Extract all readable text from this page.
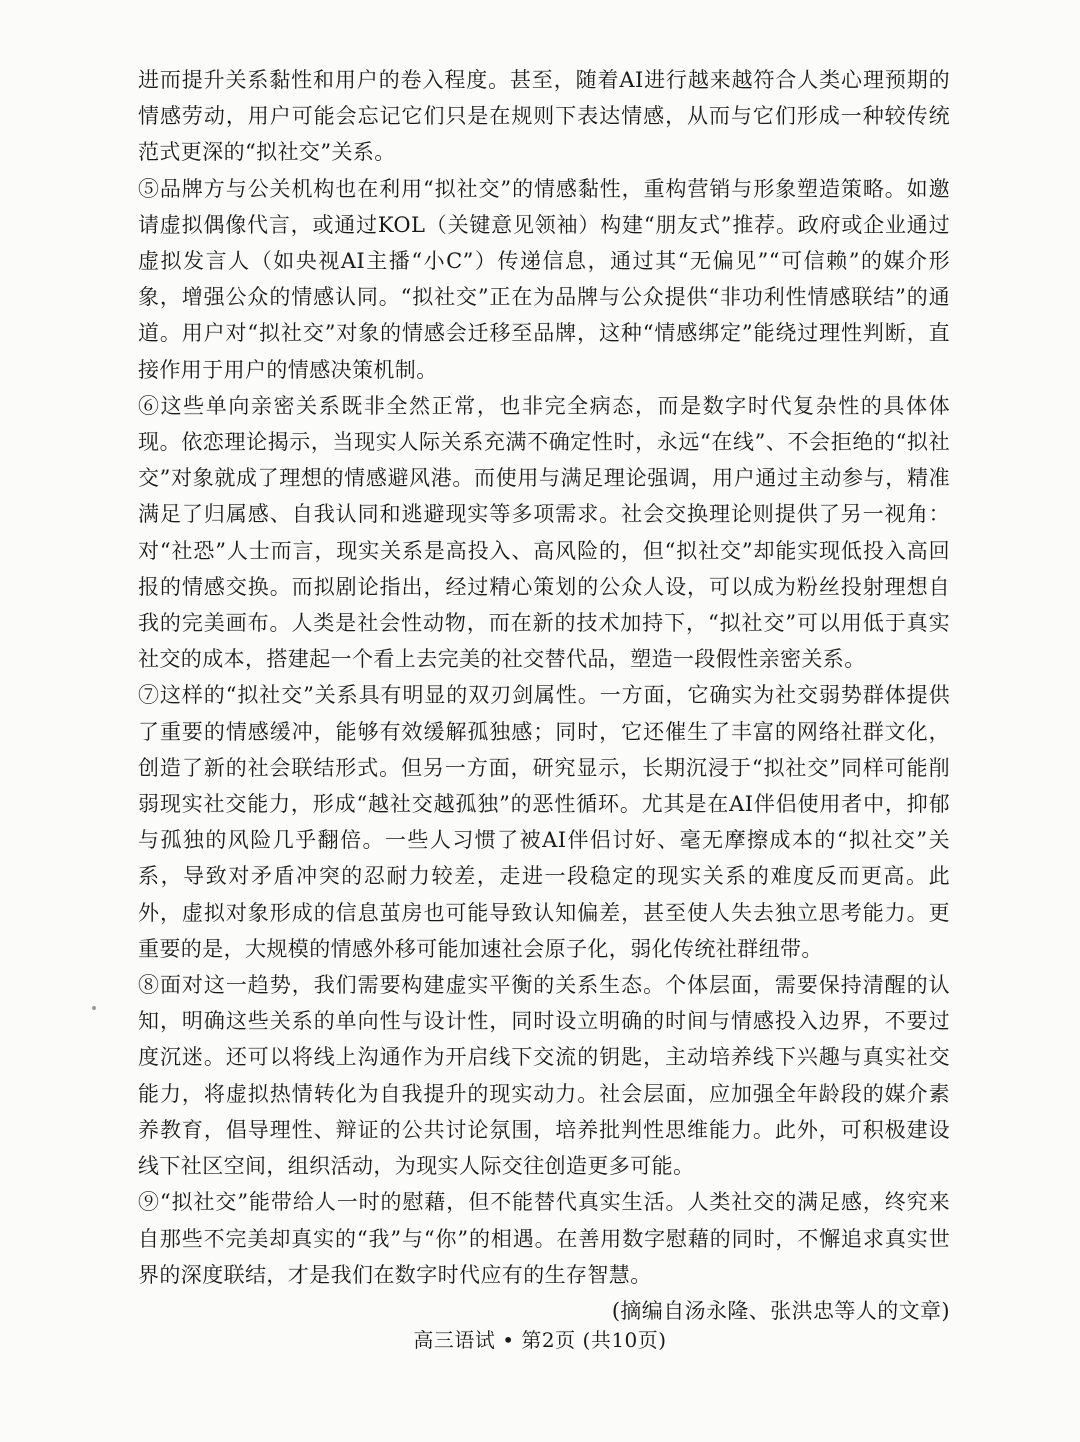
进而提升关系黏性和用户的卷入程度。甚至，随着AI进行越来越符合人类心理预期的情感劳动，用户可能会忘记它们只是在规则下表达情感，从而与它们形成一种较传统范式更深的“拟社交”关系。

⑤品牌方与公关机构也在利用“拟社交”的情感黏性，重构营销与形象塑造策略。如邀请虚拟偶像代言，或通过KOL（关键意见领袖）构建“朋友式”推荐。政府或企业通过虚拟发言人（如央视AI主播“小C”）传递信息，通过其“无偏见”“可信赖”的媒介形象，增强公众的情感认同。“拟社交”正在为品牌与公众提供“非功利性情感联结”的通道。用户对“拟社交”对象的情感会迁移至品牌，这种“情感绑定”能绕过理性判断，直接作用于用户的情感决策机制。

⑥这些单向亲密关系既非全然正常，也非完全病态，而是数字时代复杂性的具体体现。依恋理论揭示，当现实人际关系充满不确定性时，永远“在线”、不会拒绝的“拟社交”对象就成了理想的情感避风港。而使用与满足理论强调，用户通过主动参与，精准满足了归属感、自我认同和逃避现实等多项需求。社会交换理论则提供了另一视角：对“社恐”人士而言，现实关系是高投入、高风险的，但“拟社交”却能实现低投入高回报的情感交换。而拟剧论指出，经过精心策划的公众人设，可以成为粉丝投射理想自我的完美画布。人类是社会性动物，而在新的技术加持下，“拟社交”可以用低于真实社交的成本，搭建起一个看上去完美的社交替代品，塑造一段假性亲密关系。

⑦这样的“拟社交”关系具有明显的双刃剑属性。一方面，它确实为社交弱势群体提供了重要的情感缓冲，能够有效缓解孤独感；同时，它还催生了丰富的网络社群文化，创造了新的社会联结形式。但另一方面，研究显示，长期沉浸于“拟社交”同样可能削弱现实社交能力，形成“越社交越孤独”的恶性循环。尤其是在AI伴侣使用者中，抑郁与孤独的风险几乎翻倍。一些人习惯了被AI伴侣讨好、毫无摩擦成本的“拟社交”关系，导致对矛盾冲突的忍耐力较差，走进一段稳定的现实关系的难度反而更高。此外，虚拟对象形成的信息茧房也可能导致认知偏差，甚至使人失去独立思考能力。更重要的是，大规模的情感外移可能加速社会原子化，弱化传统社群纽带。

⑧面对这一趋势，我们需要构建虚实平衡的关系生态。个体层面，需要保持清醒的认知，明确这些关系的单向性与设计性，同时设立明确的时间与情感投入边界，不要过度沉迷。还可以将线上沟通作为开启线下交流的钥匙，主动培养线下兴趣与真实社交能力，将虚拟热情转化为自我提升的现实动力。社会层面，应加强全年龄段的媒介素养教育，倡导理性、辩证的公共讨论氛围，培养批判性思维能力。此外，可积极建设线下社区空间，组织活动，为现实人际交往创造更多可能。

⑨“拟社交”能带给人一时的慰藉，但不能替代真实生活。人类社交的满足感，终究来自那些不完美却真实的“我”与“你”的相遇。在善用数字慰藉的同时，不懈追求真实世界的深度联结，才是我们在数字时代应有的生存智慧。

(摘编自汤永隆、张洪忠等人的文章)

高三语试 • 第2页 (共10页)
